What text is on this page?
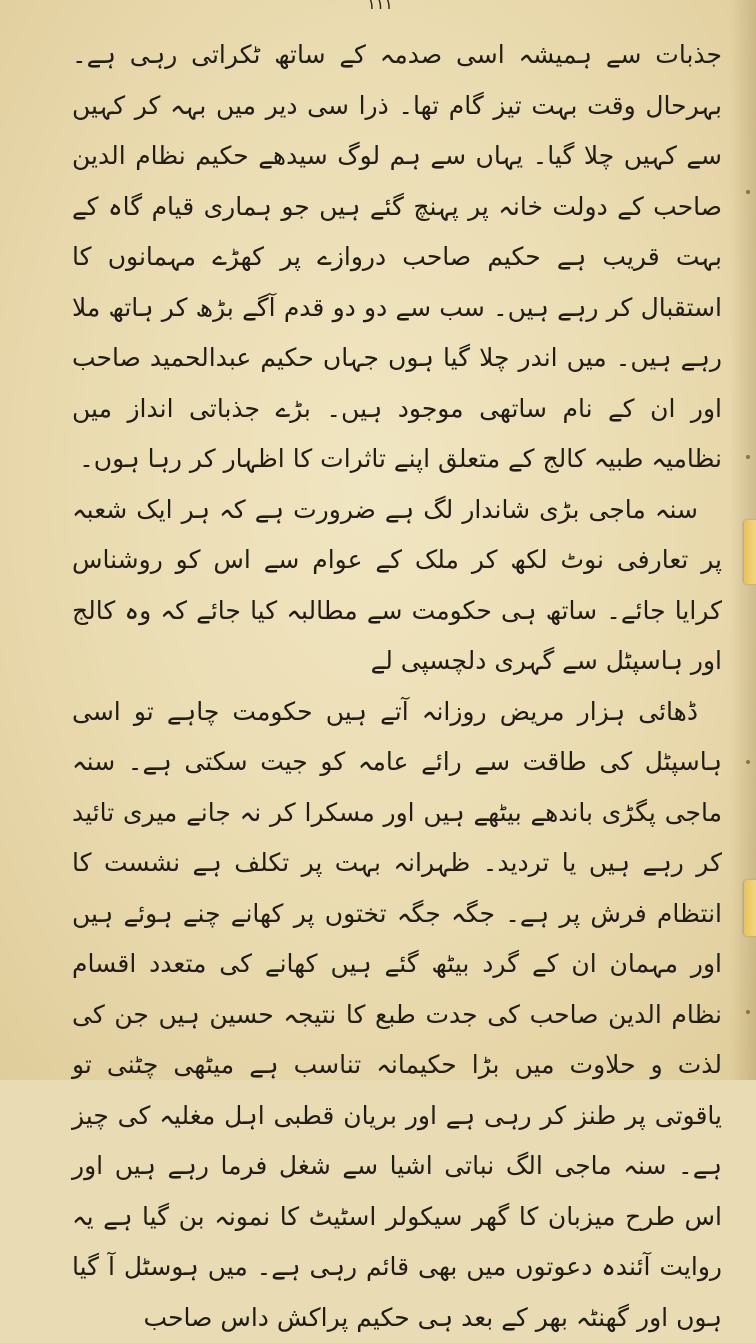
۱۱۱

جذبات سے ہمیشہ اسی صدمہ کے ساتھ ٹکراتی رہی ہے۔ بہرحال وقت بہت تیز گام تھا۔ ذرا سی دیر میں بہہ کر کہیں سے کہیں چلا گیا۔ یہاں سے ہم لوگ سیدھے حکیم نظام الدین صاحب کے دولت خانہ پر پہنچ گئے ہیں جو ہماری قیام گاہ کے بہت قریب ہے حکیم صاحب دروازے پر کھڑے مہمانوں کا استقبال کر رہے ہیں۔ سب سے دو دو قدم آگے بڑھ کر ہاتھ ملا رہے ہیں۔ میں اندر چلا گیا ہوں جہاں حکیم عبدالحمید صاحب اور ان کے نام ساتھی موجود ہیں۔ بڑے جذباتی انداز میں نظامیہ طبیہ کالج کے متعلق اپنے تاثرات کا اظہار کر رہا ہوں۔

سنہ ماجی بڑی شاندار لگ ہے ضرورت ہے کہ ہر ایک شعبہ پر تعارفی نوٹ لکھ کر ملک کے عوام سے اس کو روشناس کرایا جائے۔ ساتھ ہی حکومت سے مطالبہ کیا جائے کہ وہ کالج اور ہاسپٹل سے گہری دلچسپی لے

ڈھائی ہزار مریض روزانہ آتے ہیں حکومت چاہے تو اسی ہاسپٹل کی طاقت سے رائے عامہ کو جیت سکتی ہے۔ سنہ ماجی پگڑی باندھے بیٹھے ہیں اور مسکرا کر نہ جانے میری تائید کر رہے ہیں یا تردید۔ ظہرانہ بہت پر تکلف ہے نشست کا انتظام فرش پر ہے۔ جگہ جگہ تختوں پر کھانے چنے ہوئے ہیں اور مہمان ان کے گرد بیٹھ گئے ہیں کھانے کی متعدد اقسام نظام الدین صاحب کی جدت طبع کا نتیجہ حسین ہیں جن کی لذت و حلاوت میں بڑا حکیمانہ تناسب ہے میٹھی چٹنی تو یاقوتی پر طنز کر رہی ہے اور بریان قطبی اہل مغلیہ کی چیز ہے۔ سنہ ماجی الگ نباتی اشیا سے شغل فرما رہے ہیں اور اس طرح میزبان کا گھر سیکولر اسٹیٹ کا نمونہ بن گیا ہے یہ روایت آئندہ دعوتوں میں بھی قائم رہی ہے۔ میں ہوسٹل آ گیا ہوں اور گھنٹہ بھر کے بعد ہی حکیم پراکش داس صاحب
